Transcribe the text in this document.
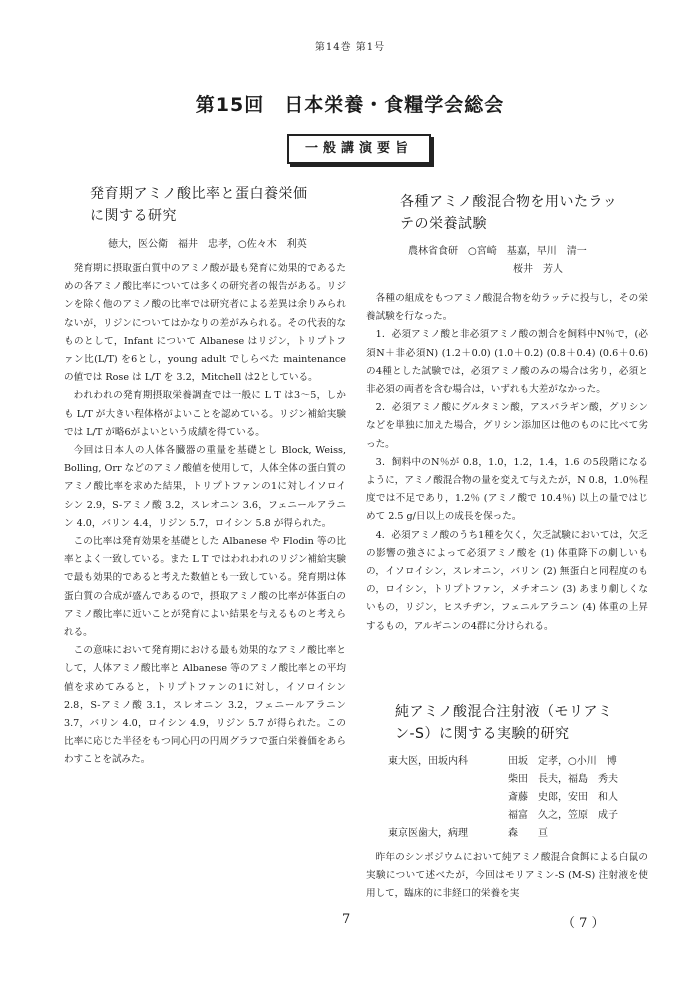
第14巻 第1号
第15回　日本栄養・食糧学会総会
一般講演要旨
発育期アミノ酸比率と蛋白養栄価
に関する研究
徳大，医公衛　福井　忠孝，○佐々木　利英

発育期に摂取蛋白質中のアミノ酸が最も発育に効果的であるための各アミノ酸比率については多くの研究者の報告がある。リジンを除く他のアミノ酸の比率では研究者による差異は余りみられないが，リジンについてはかなりの差がみられる。その代表的なものとして，Infant について Albanese はリジン，トリプトファン比(L/T) を6とし，young adult でしらべた maintenance の値では Rose は L/T を 3.2，Mitchell は2としている。

われわれの発育期摂取栄養調査では一般に L T は3～5，しかも L/T が大きい程体格がよいことを認めている。リジン補給実験では L/T が略6がよいという成績を得ている。

今回は日本人の人体各臓器の重量を基礎とし Block, Weiss, Bolling, Orr などのアミノ酸値を使用して，人体全体の蛋白質のアミノ酸比率を求めた結果，トリプトファンの1に対しイソロイシン 2.9，S-アミノ酸 3.2，スレオニン 3.6，フェニールアラニン 4.0，バリン 4.4，リジン 5.7，ロイシン 5.8 が得られた。

この比率は発育効果を基礎とした Albanese や Flodin 等の比率とよく一致している。また L T ではわれわれのリジン補給実験で最も効果的であると考えた数値とも一致している。発育期は体蛋白質の合成が盛んであるので，摂取アミノ酸の比率が体蛋白のアミノ酸比率に近いことが発育によい結果を与えるものと考えられる。

この意味において発育期における最も効果的なアミノ酸比率として，人体アミノ酸比率と Albanese 等のアミノ酸比率との平均値を求めてみると，トリプトファンの1に対し，イソロイシン 2.8，S-アミノ酸 3.1，スレオニン 3.2，フェニールアラニン 3.7，バリン 4.0，ロイシン 4.9，リジン 5.7 が得られた。この比率に応じた半径をもつ同心円の円周グラフで蛋白栄養価をあらわすことを試みた。

各種アミノ酸混合物を用いたラッ
テの栄養試験
農林省食研　○宮崎　基嘉，早川　清一
桜井　芳人

各種の組成をもつアミノ酸混合物を幼ラッテに投与し，その栄養試験を行なった。

1．必須アミノ酸と非必須アミノ酸の割合を飼料中N％で，(必須N＋非必須N) (1.2＋0.0) (1.0＋0.2) (0.8＋0.4) (0.6＋0.6) の4種とした試験では，必須アミノ酸のみの場合は劣り，必須と非必須の両者を含む場合は，いずれも大差がなかった。

2．必須アミノ酸にグルタミン酸，アスパラギン酸，グリシンなどを単独に加えた場合，グリシン添加区は他のものに比べて劣った。

3．飼料中のN％が 0.8，1.0，1.2，1.4，1.6 の5段階になるように，アミノ酸混合物の量を変えて与えたが，N 0.8，1.0％程度では不足であり，1.2％ (アミノ酸で 10.4％) 以上の量ではじめて 2.5 g/日以上の成長を保った。

4．必須アミノ酸のうち1種を欠く，欠乏試験においては，欠乏の影響の強さによって必須アミノ酸を (1) 体重降下の劇しいもの，イソロイシン，スレオニン，バリン (2) 無蛋白と同程度のもの，ロイシン，トリプトファン，メチオニン (3) あまり劇しくないもの，リジン，ヒスチヂン，フェニルアラニン (4) 体重の上昇するもの，アルギニンの4群に分けられる。

純アミノ酸混合注射液（モリアミ
ン-S）に関する実験的研究
東大医，田坂内科	田坂　定孝，○小川　博
柴田　長夫，福島　秀夫
斎藤　史郎，安田　和人
福富　久之，笠原　成子
東京医歯大，病理	森　　亘

昨年のシンポジウムにおいて純アミノ酸混合食餌による白鼠の実験について述べたが，今回はモリアミン-S (M-S) 注射液を使用して，臨床的に非経口的栄養を実

7	（ 7 ）
